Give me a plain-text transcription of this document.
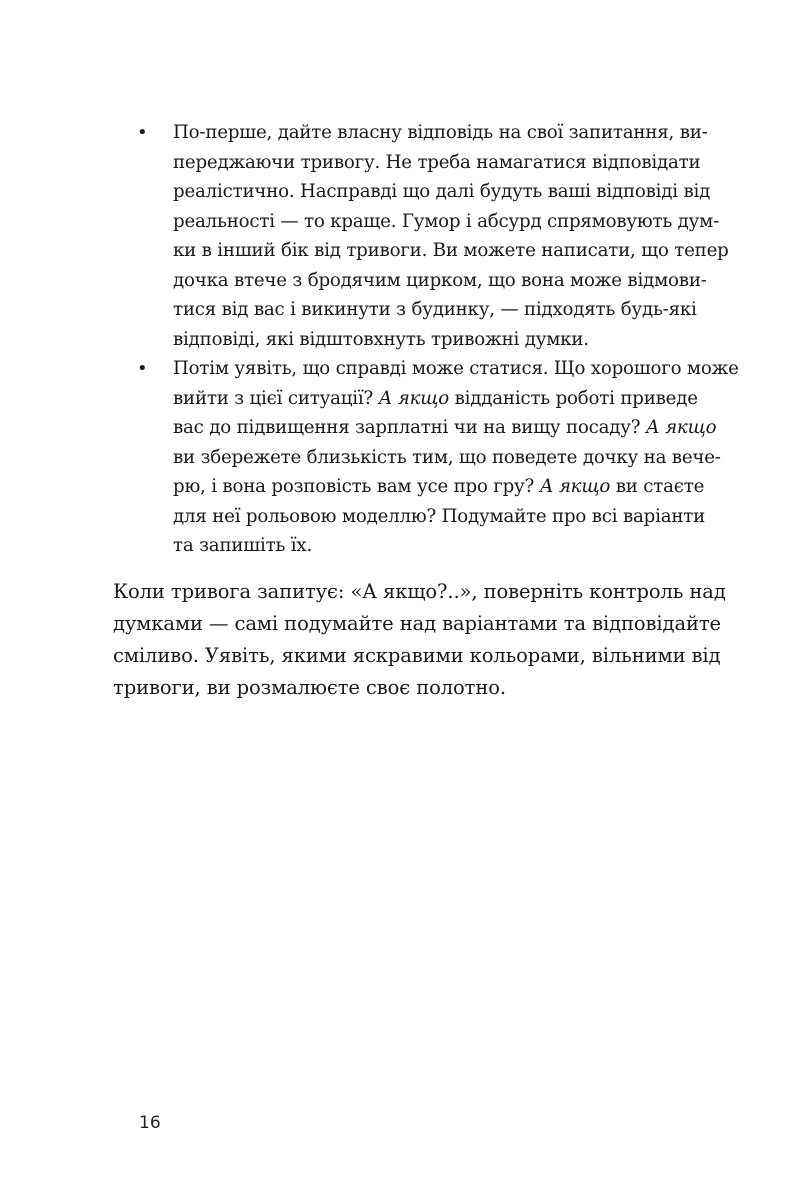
• По-перше, дайте власну відповідь на свої запитання, ви-
переджаючи тривогу. Не треба намагатися відповідати
реалістично. Насправді що далі будуть ваші відповіді від
реальності — то краще. Гумор і абсурд спрямовують дум-
ки в інший бік від тривоги. Ви можете написати, що тепер
дочка втече з бродячим цирком, що вона може відмови-
тися від вас і викинути з будинку, — підходять будь-які
відповіді, які відштовхнуть тривожні думки.
• Потім уявіть, що справді може статися. Що хорошого може
вийти з цієї ситуації? А якщо відданість роботі приведе
вас до підвищення зарплатні чи на вищу посаду? А якщо
ви збережете близькість тим, що поведете дочку на вече-
рю, і вона розповість вам усе про гру? А якщо ви стаєте
для неї рольовою моделлю? Подумайте про всі варіанти
та запишіть їх.
Коли тривога запитує: «А якщо?..», поверніть контроль над
думками — самі подумайте над варіантами та відповідайте
сміливо. Уявіть, якими яскравими кольорами, вільними від
тривоги, ви розмалюєте своє полотно.
16
